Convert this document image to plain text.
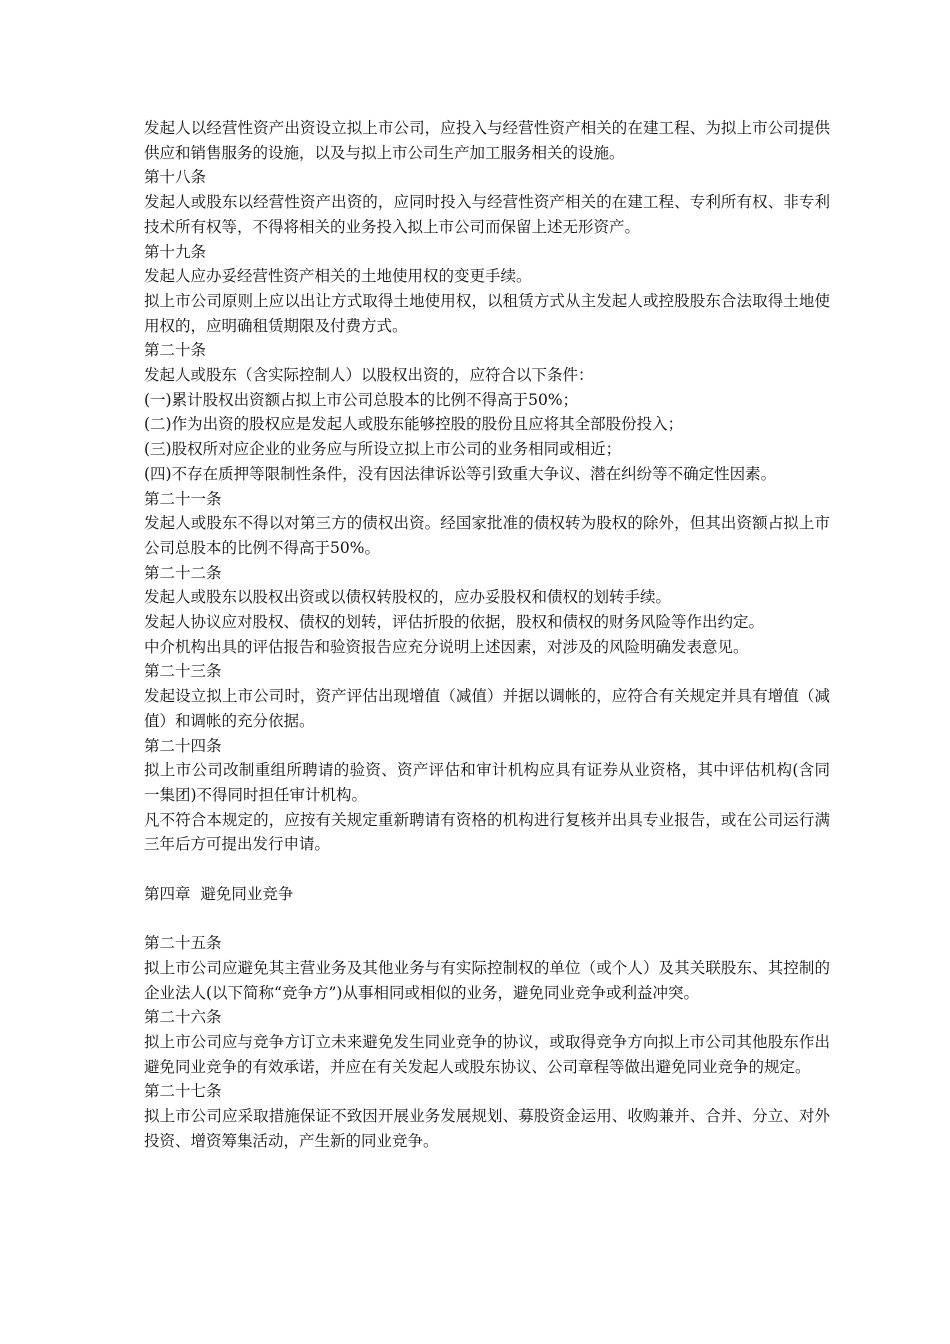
发起人以经营性资产出资设立拟上市公司，应投入与经营性资产相关的在建工程、为拟上市公司提供供应和销售服务的设施，以及与拟上市公司生产加工服务相关的设施。

第十八条

发起人或股东以经营性资产出资的，应同时投入与经营性资产相关的在建工程、专利所有权、非专利技术所有权等，不得将相关的业务投入拟上市公司而保留上述无形资产。

第十九条

发起人应办妥经营性资产相关的土地使用权的变更手续。

拟上市公司原则上应以出让方式取得土地使用权，以租赁方式从主发起人或控股股东合法取得土地使用权的，应明确租赁期限及付费方式。

第二十条

发起人或股东（含实际控制人）以股权出资的，应符合以下条件：

(一)累计股权出资额占拟上市公司总股本的比例不得高于50%；

(二)作为出资的股权应是发起人或股东能够控股的股份且应将其全部股份投入；

(三)股权所对应企业的业务应与所设立拟上市公司的业务相同或相近；

(四)不存在质押等限制性条件，没有因法律诉讼等引致重大争议、潜在纠纷等不确定性因素。

第二十一条

发起人或股东不得以对第三方的债权出资。经国家批准的债权转为股权的除外，但其出资额占拟上市公司总股本的比例不得高于50%。

第二十二条

发起人或股东以股权出资或以债权转股权的，应办妥股权和债权的划转手续。

发起人协议应对股权、债权的划转，评估折股的依据，股权和债权的财务风险等作出约定。

中介机构出具的评估报告和验资报告应充分说明上述因素，对涉及的风险明确发表意见。

第二十三条

发起设立拟上市公司时，资产评估出现增值（减值）并据以调帐的，应符合有关规定并具有增值（减值）和调帐的充分依据。

第二十四条

拟上市公司改制重组所聘请的验资、资产评估和审计机构应具有证券从业资格，其中评估机构(含同一集团)不得同时担任审计机构。

凡不符合本规定的，应按有关规定重新聘请有资格的机构进行复核并出具专业报告，或在公司运行满三年后方可提出发行申请。

第四章  避免同业竞争

第二十五条

拟上市公司应避免其主营业务及其他业务与有实际控制权的单位（或个人）及其关联股东、其控制的企业法人(以下简称“竞争方”)从事相同或相似的业务，避免同业竞争或利益冲突。

第二十六条

拟上市公司应与竞争方订立未来避免发生同业竞争的协议，或取得竞争方向拟上市公司其他股东作出避免同业竞争的有效承诺，并应在有关发起人或股东协议、公司章程等做出避免同业竞争的规定。

第二十七条

拟上市公司应采取措施保证不致因开展业务发展规划、募股资金运用、收购兼并、合并、分立、对外投资、增资筹集活动，产生新的同业竞争。
